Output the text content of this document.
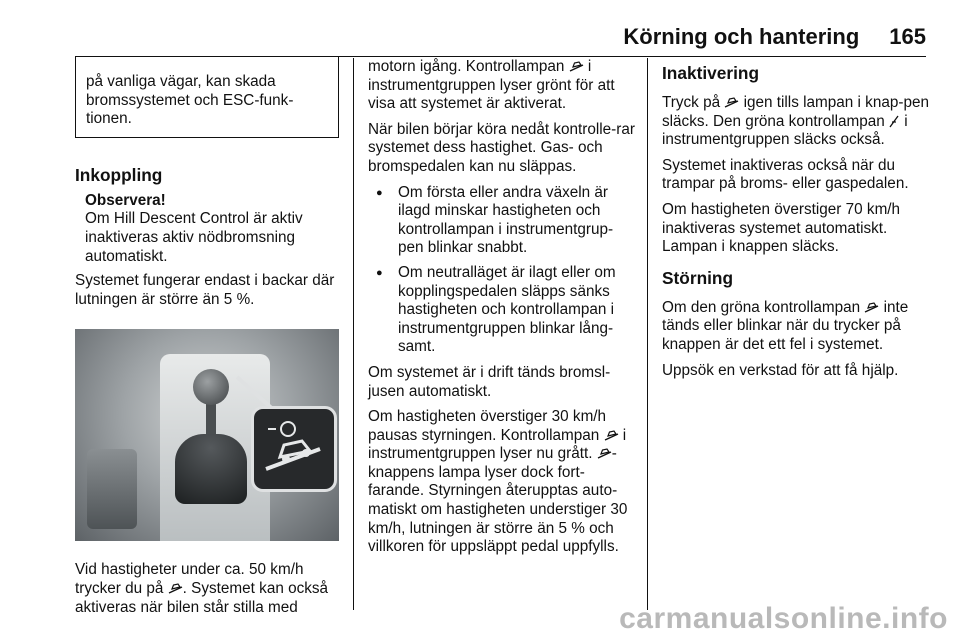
Körning och hantering 165

på vanliga vägar, kan skada bromssystemet och ESC-funk-tionen.

Inkoppling
Observera!
Om Hill Descent Control är aktiv inaktiveras aktiv nödbromsning automatiskt.

Systemet fungerar endast i backar där lutningen är större än 5 %.

Vid hastigheter under ca. 50 km/h trycker du på . Systemet kan också aktiveras när bilen står stilla med

motorn igång. Kontrollampan  i instrumentgruppen lyser grönt för att visa att systemet är aktiverat.

När bilen börjar köra nedåt kontrolle-rar systemet dess hastighet. Gas- och bromspedalen kan nu släppas.

● Om första eller andra växeln är ilagd minskar hastigheten och kontrollampan i instrumentgrup-pen blinkar snabbt.
● Om neutralläget är ilagt eller om kopplingspedalen släpps sänks hastigheten och kontrollampan i instrumentgruppen blinkar lång-samt.

Om systemet är i drift tänds bromsl-jusen automatiskt.

Om hastigheten överstiger 30 km/h pausas styrningen. Kontrollampan  i instrumentgruppen lyser nu grått. -knappens lampa lyser dock fort-farande. Styrningen återupptas auto-matiskt om hastigheten understiger 30 km/h, lutningen är större än 5 % och villkoren för uppsläppt pedal uppfylls.

Inaktivering

Tryck på  igen tills lampan i knap-pen släcks. Den gröna kontrollampan  i instrumentgruppen släcks också.

Systemet inaktiveras också när du trampar på broms- eller gaspedalen.

Om hastigheten överstiger 70 km/h inaktiveras systemet automatiskt. Lampan i knappen släcks.

Störning

Om den gröna kontrollampan  inte tänds eller blinkar när du trycker på knappen är det ett fel i systemet.

Uppsök en verkstad för att få hjälp.

carmanualsonline.info
